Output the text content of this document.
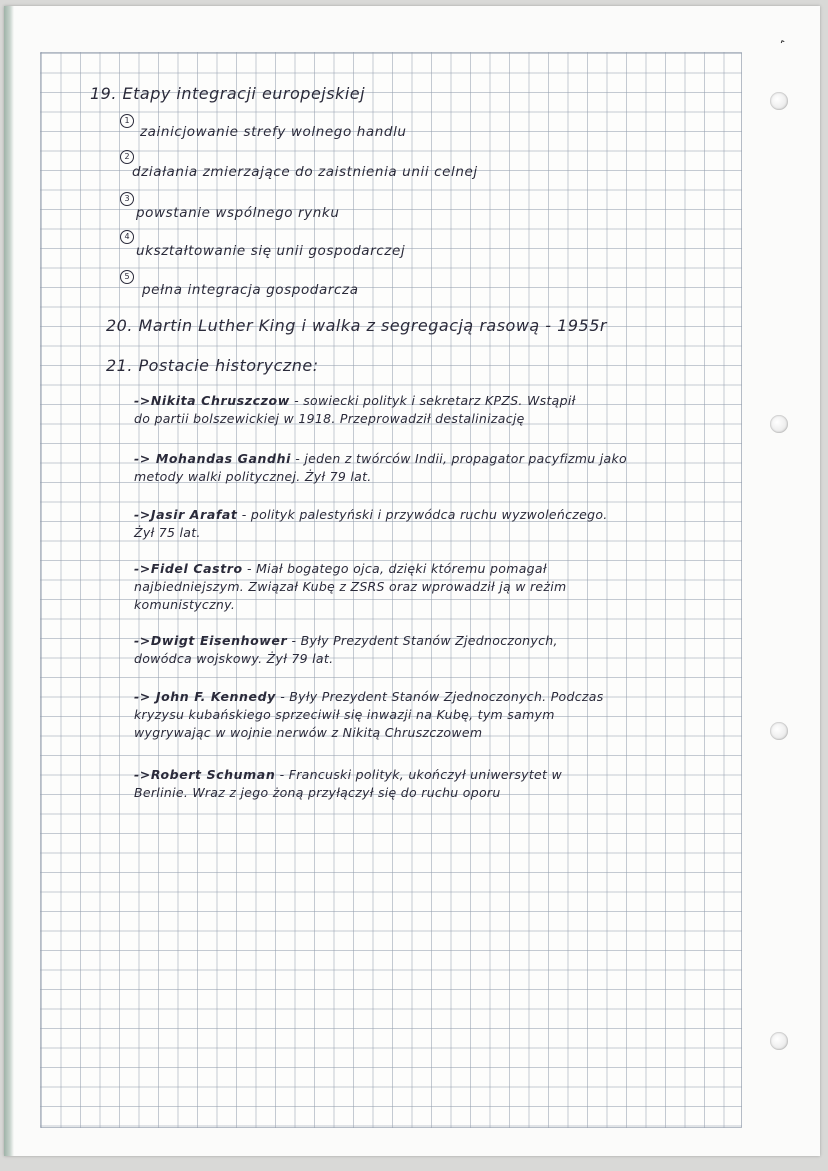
˹
19. Etapy integracji europejskiej
1
zainicjowanie strefy wolnego handlu
2
działania zmierzające do zaistnienia unii celnej
3
powstanie wspólnego rynku
4
ukształtowanie się unii gospodarczej
5
pełna integracja gospodarcza
20. Martin Luther King i walka z segregacją rasową - 1955r
21. Postacie historyczne:
->Nikita Chruszczow - sowiecki polityk i sekretarz KPZS. Wstąpił
do partii bolszewickiej w 1918. Przeprowadził destalinizację
-> Mohandas Gandhi - jeden z twórców Indii, propagator pacyfizmu jako
metody walki politycznej. Żył 79 lat.
->Jasir Arafat - polityk palestyński i przywódca ruchu wyzwoleńczego.
Żył 75 lat.
->Fidel Castro - Miał bogatego ojca, dzięki któremu pomagał
najbiedniejszym. Związał Kubę z ZSRS oraz wprowadził ją w reżim
komunistyczny.
->Dwigt Eisenhower - Były Prezydent Stanów Zjednoczonych,
dowódca wojskowy. Żył 79 lat.
-> John F. Kennedy - Były Prezydent Stanów Zjednoczonych. Podczas
kryzysu kubańskiego sprzeciwił się inwazji na Kubę, tym samym
wygrywając w wojnie nerwów z Nikitą Chruszczowem
->Robert Schuman - Francuski polityk, ukończył uniwersytet w
Berlinie. Wraz z jego żoną przyłączył się do ruchu oporu
